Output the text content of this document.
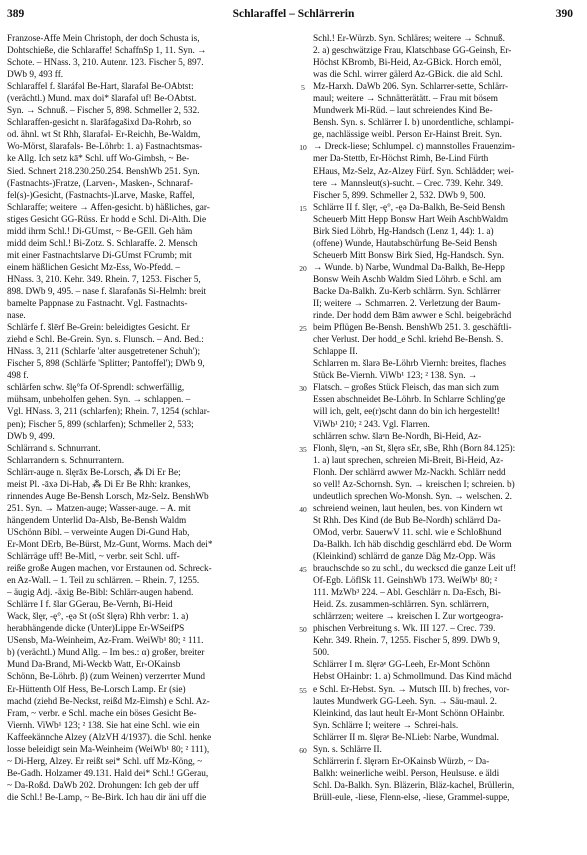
389	Schlaraffel – Schlärrerin	390

Franzose-Affe Mein Christoph, der doch Schusta is,

Dohtschieße, die Schlaraffe! SchaffnSp 1, 11. Syn. →

Schote. – HNass. 3, 210. Autenr. 123. Fischer 5, 897.

DWb 9, 493 ff.

Schlaraffel f. šlaráfəl Be-Hart, šlarafəl Be-OAbtst:

(verächtl.) Mund. max doi* šlarafəl uf! Be-OAbtst.

Syn. → Schnuß. – Fischer 5, 898. Schmeller 2, 532.

Schlaraffen-gesicht n. šlarāfəgašixd Da-Rohrb, so

od. ähnl. wt St Rhh, šlarafəl- Er-Reichh, Be-Waldm,

Wo-Mörst, šlarafəls- Be-Löhrb: 1. a) Fastnachtsmas-

ke Allg. Ich setz kā* Schl. uff Wo-Gimbsh, ~ Be-

Sied. Schnert 218.230.250.254. BenshWb 251. Syn.

(Fastnachts-)Fratze, (Larven-, Masken-, Schnaraf-

fel(s)-)Gesicht, (Fastnachts-)Larve, Maske, Raffel,

Schlaraffe; weitere → Affen-gesicht. b) häßliches, gar-

stiges Gesicht GG-Rüss. Er hodd e Schl. Di-Alth. Die

midd ihrm Schl.! Di-GUmst, ~ Be-GEll. Geh häm

midd deim Schl.! Bi-Zotz. S. Schlaraffe. 2. Mensch

mit einer Fastnachtslarve Di-GUmst FCrumb; mit

einem häßlichen Gesicht Mz-Ess, Wo-Pfedd. –

HNass. 3, 210. Kehr. 349. Rhein. 7, 1253. Fischer 5,

898. DWb 9, 495. – nase f. šlarafənās Si-Helmh: breit

bamelte Pappnase zu Fastnacht. Vgl. Fastnachts-

nase.

Schlärfe f. šlērf Be-Grein: beleidigtes Gesicht. Er

ziehd e Schl. Be-Grein. Syn. s. Flunsch. – And. Bed.:

HNass. 3, 211 (Schlarfe 'alter ausgetretener Schuh');

Fischer 5, 898 (Schlärfe 'Splitter; Pantoffel'); DWb 9,

498 f.

schlärfen schw. šlę°fə Of-Sprendl: schwerfällig,

mühsam, unbeholfen gehen. Syn. → schlappen. –

Vgl. HNass. 3, 211 (schlarfen); Rhein. 7, 1254 (schlar-

pen); Fischer 5, 899 (schlarfen); Schmeller 2, 533;

DWb 9, 499.

Schlärrand s. Schnurrant.

Schlarrandern s. Schnurrantern.

Schlärr-auge n. šlęrāx Be-Lorsch, ⁂ Di Er Be;

meist Pl. -āxə Di-Hab, ⁂ Di Er Be Rhh: krankes,

rinnendes Auge Be-Bensh Lorsch, Mz-Selz. BenshWb

251. Syn. → Matzen-auge; Wasser-auge. – A. mit

hängendem Unterlid Da-Alsb, Be-Bensh Waldm

USchönn Bibl. – verweinte Augen Di-Gund Hab,

Er-Mont DErb, Be-Bürst, Mz-Gunt, Worms. Mach dei*

Schlärräge uff! Be-Mitl, ~ verbr. seit Schl. uff-

reiße große Augen machen, vor Erstaunen od. Schreck-

en Az-Wall. – 1. Teil zu schlärren. – Rhein. 7, 1255.

– äugig Adj. -äxig Be-Bibl: Schlärr-augen habend.

Schlärre I f. šlar GGerau, Be-Vernh, Bi-Heid

Wack, šlęr, -ę°, -ęə St (oSt šlęrə) Rhh verbr: 1. a)

herabhängende dicke (Unter)Lippe Er-WSeifPS

USensb, Ma-Weinheim, Az-Fram. WeiWb¹ 80; ² 111.

b) (verächtl.) Mund Allg. – Im bes.: α) großer, breiter

Mund Da-Brand, Mi-Weckb Watt, Er-OKainsb

Schönn, Be-Löhrb. β) (zum Weinen) verzerrter Mund

Er-Hüttenth Olf Hess, Be-Lorsch Lamp. Er (sie)

machd (ziehd Be-Neckst, reißd Mz-Eimsh) e Schl. Az-

Fram, ~ verbr. e Schl. mache ein böses Gesicht Be-

Viernh. ViWb¹ 123; ² 138. Sie hat eine Schl. wie ein

Kaffeekännche Alzey (AlzVH 4/1937). die Schl. henke

losse beleidigt sein Ma-Weinheim (WeiWb¹ 80; ² 111),

~ Di-Herg, Alzey. Er reißt sei* Schl. uff Mz-Köng, ~

Be-Gadh. Holzamer 49.131. Hald dei* Schl.! GGerau,

~ Da-Roßd. DaWb 202. Drohungen: Ich geb der uff

die Schl.! Be-Lamp, ~ Be-Birk. Ich hau dir äni uff die

5
10
15
20
25
30
35
40
45
50
55
60

Schl.! Er-Würzb. Syn. Schläres; weitere → Schnuß.

2. a) geschwätzige Frau, Klatschbase GG-Geinsh, Er-

Höchst KBromb, Bi-Heid, Az-GBick. Horch emöl,

was die Schl. wirrer gälerd Az-GBick. die ald Schl.

Mz-Harxh. DaWb 206. Syn. Schlarrer-sette, Schlärr-

maul; weitere → Schnätterätätt. – Frau mit bösem

Mundwerk Mi-Rüd. – laut schreiendes Kind Be-

Bensh. Syn. s. Schlärrer I. b) unordentliche, schlampi-

ge, nachlässige weibl. Person Er-Hainst Breit. Syn.

→ Dreck-liese; Schlumpel. c) mannstolles Frauenzim-

mer Da-Stettb, Er-Höchst Rimh, Be-Lind Fürth

EHaus, Mz-Selz, Az-Alzey Fürf. Syn. Schlädder; wei-

tere → Mannsleut(s)-sucht. – Crec. 739. Kehr. 349.

Fischer 5, 899. Schmeller 2, 532. DWb 9, 500.

Schlärre II f. šlęr, -ę°, -ęə Da-Balkh, Be-Seid Bensh

Scheuerb Mitt Hepp Bonsw Hart Weih AschbWaldm

Birk Sied Löhrb, Hg-Handsch (Lenz 1, 44): 1. a)

(offene) Wunde, Hautabschürfung Be-Seid Bensh

Scheuerb Mitt Bonsw Birk Sied, Hg-Handsch. Syn.

→ Wunde. b) Narbe, Wundmal Da-Balkh, Be-Hepp

Bonsw Weih Aschb Waldm Sied Löhrb. e Schl. am

Backe Da-Balkh. Zu-Kerb schlärrn. Syn. Schlärrer

II; weitere → Schmarren. 2. Verletzung der Baum-

rinde. Der hodd dem Bām awwer e Schl. beigebrächd

beim Pflügen Be-Bensh. BenshWb 251. 3. geschäftli-

cher Verlust. Der hodd_e Schl. kriehd Be-Bensh. S.

Schlappe II.

Schlarren m. šlarə Be-Löhrb Viernh: breites, flaches

Stück Be-Viernh. ViWb¹ 123; ² 138. Syn. →

Flatsch. – großes Stück Fleisch, das man sich zum

Essen abschneidet Be-Löhrb. In Schlarre Schling'ge

will ich, gelt, ee(r)scht dann do bin ich hergestellt!

ViWb¹ 210; ² 243. Vgl. Flarren.

schlärren schw. šlaᵉn Be-Nordh, Bi-Heid, Az-

Flonh, šlęᵉn, -ən St, šlęrə sEr, sBe, Rhh (Born 84.125):

1. a) laut sprechen, schreien Mi-Breit, Bi-Heid, Az-

Flonh. Der schlärrd awwer Mz-Nackh. Schlärr nedd

so vell! Az-Schornsh. Syn. → kreischen I; schreien. b)

undeutlich sprechen Wo-Monsh. Syn. → welschen. 2.

schreiend weinen, laut heulen, bes. von Kindern wt

St Rhh. Des Kind (de Bub Be-Nordh) schlärrd Da-

OMod, verbr. SauerwV 11. schl. wie e Schloßhund

Da-Balkh. Ich häb dischdig geschlärrd ebd. De Worm

(Kleinkind) schlärrd de ganze Däg Mz-Opp. Wäs

brauchschde so zu schl., du weckscd die ganze Leit uf!

Of-Egb. LöflSk 11. GeinshWb 173. WeiWb¹ 80; ²

111. MzWb³ 224. – Abl. Geschlärr n. Da-Esch, Bi-

Heid. Zs. zusammen-schlärren. Syn. schlärrern,

schlärrzen; weitere → kreischen I. Zur wortgeogra-

phischen Verbreitung s. Wk. III 127. – Crec. 739.

Kehr. 349. Rhein. 7, 1255. Fischer 5, 899. DWb 9,

500.

Schlärrer I m. šlęrəᵉ GG-Leeh, Er-Mont Schönn

Hebst OHainbr: 1. a) Schmollmund. Das Kind mächd

e Schl. Er-Hebst. Syn. → Mutsch III. b) freches, vor-

lautes Mundwerk GG-Leeh. Syn. → Säu-maul. 2.

Kleinkind, das laut heult Er-Mont Schönn OHainbr.

Syn. Schlärre I; weitere → Schrei-hals.

Schlärrer II m. šlęrəᵉ Be-NLieb: Narbe, Wundmal.

Syn. s. Schlärre II.

Schlärrerin f. šlęrərn Er-OKainsb Würzb, ~ Da-

Balkh: weinerliche weibl. Person, Heulsuse. e äldi

Schl. Da-Balkh. Syn. Bläzerin, Bläz-kachel, Brüllerin,

Brüll-eule, -liese, Flenn-else, -liese, Grammel-suppe,
